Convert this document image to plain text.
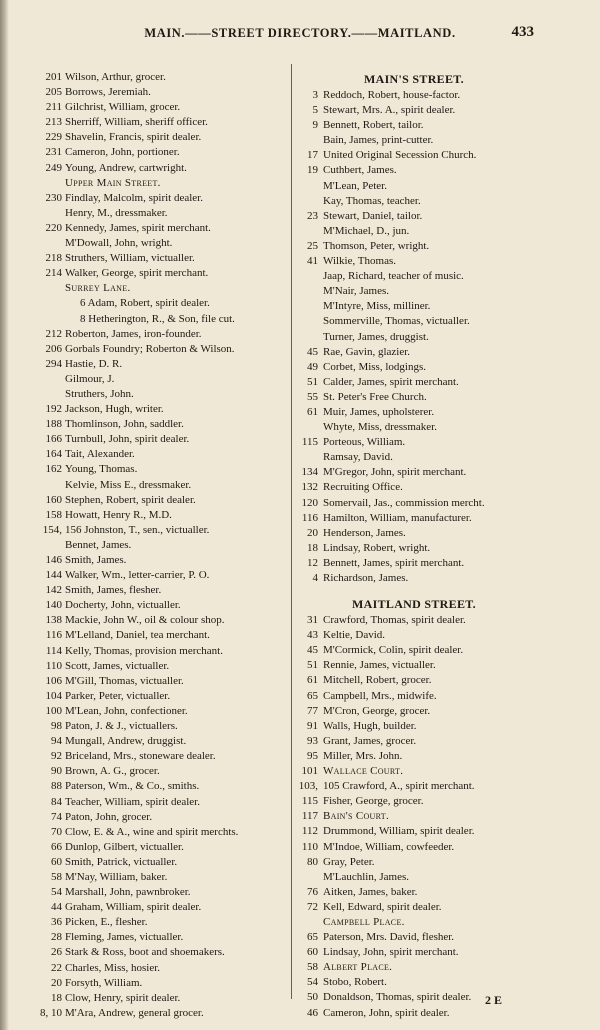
MAIN.——STREET DIRECTORY.——MAITLAND.	433
201 Wilson, Arthur, grocer.
205 Borrows, Jeremiah.
211 Gilchrist, William, grocer.
213 Sherriff, William, sheriff officer.
229 Shavelin, Francis, spirit dealer.
231 Cameron, John, portioner.
249 Young, Andrew, cartwright.
Upper Main Street.
230 Findlay, Malcolm, spirit dealer.
Henry, M., dressmaker.
220 Kennedy, James, spirit merchant.
M'Dowall, John, wright.
218 Struthers, William, victualler.
214 Walker, George, spirit merchant.
Surrey Lane.
6 Adam, Robert, spirit dealer.
8 Hetherington, R., & Son, file cut.
212 Roberton, James, iron-founder.
206 Gorbals Foundry; Roberton & Wilson.
294 Hastie, D. R.
Gilmour, J.
Struthers, John.
192 Jackson, Hugh, writer.
188 Thomlinson, John, saddler.
166 Turnbull, John, spirit dealer.
164 Tait, Alexander.
162 Young, Thomas.
Kelvie, Miss E., dressmaker.
160 Stephen, Robert, spirit dealer.
158 Howatt, Henry R., M.D.
154, 156 Johnston, T., sen., victualler.
Bennet, James.
146 Smith, James.
144 Walker, Wm., letter-carrier, P. O.
142 Smith, James, flesher.
140 Docherty, John, victualler.
138 Mackie, John W., oil & colour shop.
116 M'Lelland, Daniel, tea merchant.
114 Kelly, Thomas, provision merchant.
110 Scott, James, victualler.
106 M'Gill, Thomas, victualler.
104 Parker, Peter, victualler.
100 M'Lean, John, confectioner.
98 Paton, J. & J., victuallers.
94 Mungall, Andrew, druggist.
92 Briceland, Mrs., stoneware dealer.
90 Brown, A. G., grocer.
88 Paterson, Wm., & Co., smiths.
84 Teacher, William, spirit dealer.
74 Paton, John, grocer.
70 Clow, E. & A., wine and spirit merchts.
66 Dunlop, Gilbert, victualler.
60 Smith, Patrick, victualler.
58 M'Nay, William, baker.
54 Marshall, John, pawnbroker.
44 Graham, William, spirit dealer.
36 Picken, E., flesher.
28 Fleming, James, victualler.
26 Stark & Ross, boot and shoemakers.
22 Charles, Miss, hosier.
20 Forsyth, William.
18 Clow, Henry, spirit dealer.
8, 10 M'Ara, Andrew, general grocer.
MAIN'S STREET.
3 Reddoch, Robert, house-factor.
5 Stewart, Mrs. A., spirit dealer.
9 Bennett, Robert, tailor.
Bain, James, print-cutter.
17 United Original Secession Church.
19 Cuthbert, James.
M'Lean, Peter.
Kay, Thomas, teacher.
23 Stewart, Daniel, tailor.
M'Michael, D., jun.
25 Thomson, Peter, wright.
41 Wilkie, Thomas.
Jaap, Richard, teacher of music.
M'Nair, James.
M'Intyre, Miss, milliner.
Sommerville, Thomas, victualler.
Turner, James, druggist.
45 Rae, Gavin, glazier.
49 Corbet, Miss, lodgings.
51 Calder, James, spirit merchant.
55 St. Peter's Free Church.
61 Muir, James, upholsterer.
Whyte, Miss, dressmaker.
115 Porteous, William.
Ramsay, David.
134 M'Gregor, John, spirit merchant.
132 Recruiting Office.
120 Somervail, Jas., commission mercht.
116 Hamilton, William, manufacturer.
20 Henderson, James.
18 Lindsay, Robert, wright.
12 Bennett, James, spirit merchant.
4 Richardson, James.
MAITLAND STREET.
31 Crawford, Thomas, spirit dealer.
43 Keltie, David.
45 M'Cormick, Colin, spirit dealer.
51 Rennie, James, victualler.
61 Mitchell, Robert, grocer.
65 Campbell, Mrs., midwife.
77 M'Cron, George, grocer.
91 Walls, Hugh, builder.
93 Grant, James, grocer.
95 Miller, Mrs. John.
101 Wallace Court.
103, 105 Crawford, A., spirit merchant.
115 Fisher, George, grocer.
117 Bain's Court.
112 Drummond, William, spirit dealer.
110 M'Indoe, William, cowfeeder.
80 Gray, Peter.
M'Lauchlin, James.
76 Aitken, James, baker.
72 Kell, Edward, spirit dealer.
Campbell Place.
65 Paterson, Mrs. David, flesher.
60 Lindsay, John, spirit merchant.
58 Albert Place.
54 Stobo, Robert.
50 Donaldson, Thomas, spirit dealer.
46 Cameron, John, spirit dealer.
2 E
